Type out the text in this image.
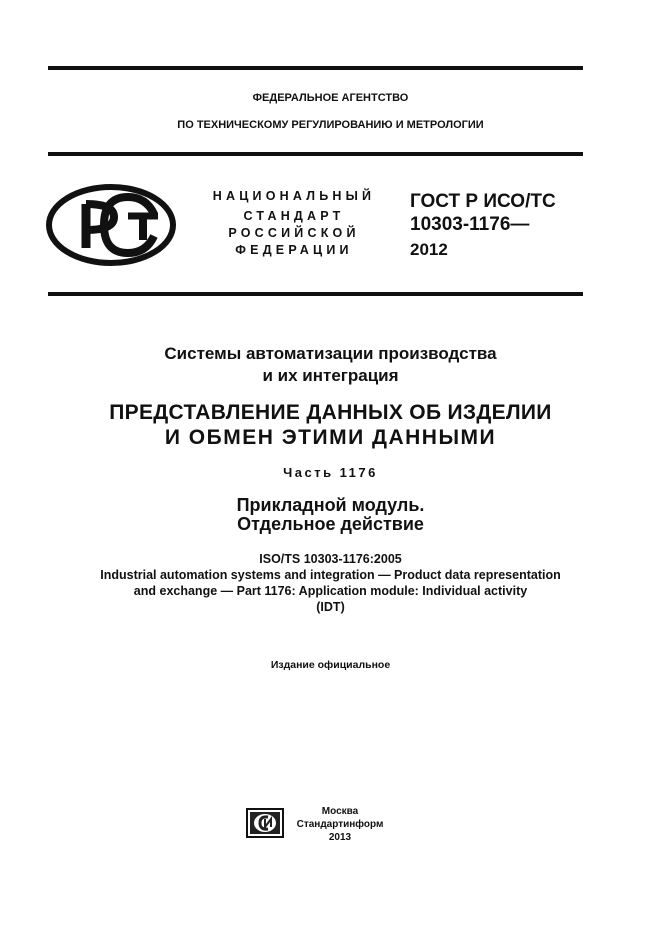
ФЕДЕРАЛЬНОЕ АГЕНТСТВО
ПО ТЕХНИЧЕСКОМУ РЕГУЛИРОВАНИЮ И МЕТРОЛОГИИ
НАЦИОНАЛЬНЫЙ
СТАНДАРТ
РОССИЙСКОЙ
ФЕДЕРАЦИИ
ГОСТ Р ИСО/ТС
10303-1176—
2012
Системы автоматизации производства
и их интеграция
ПРЕДСТАВЛЕНИЕ ДАННЫХ ОБ ИЗДЕЛИИ
И ОБМЕН ЭТИМИ ДАННЫМИ
Часть 1176
Прикладной модуль.
Отдельное действие
ISO/TS 10303-1176:2005
Industrial automation systems and integration — Product data representation
and exchange — Part 1176: Application module: Individual activity
(IDT)
Издание официальное
Москва
Стандартинформ
2013
